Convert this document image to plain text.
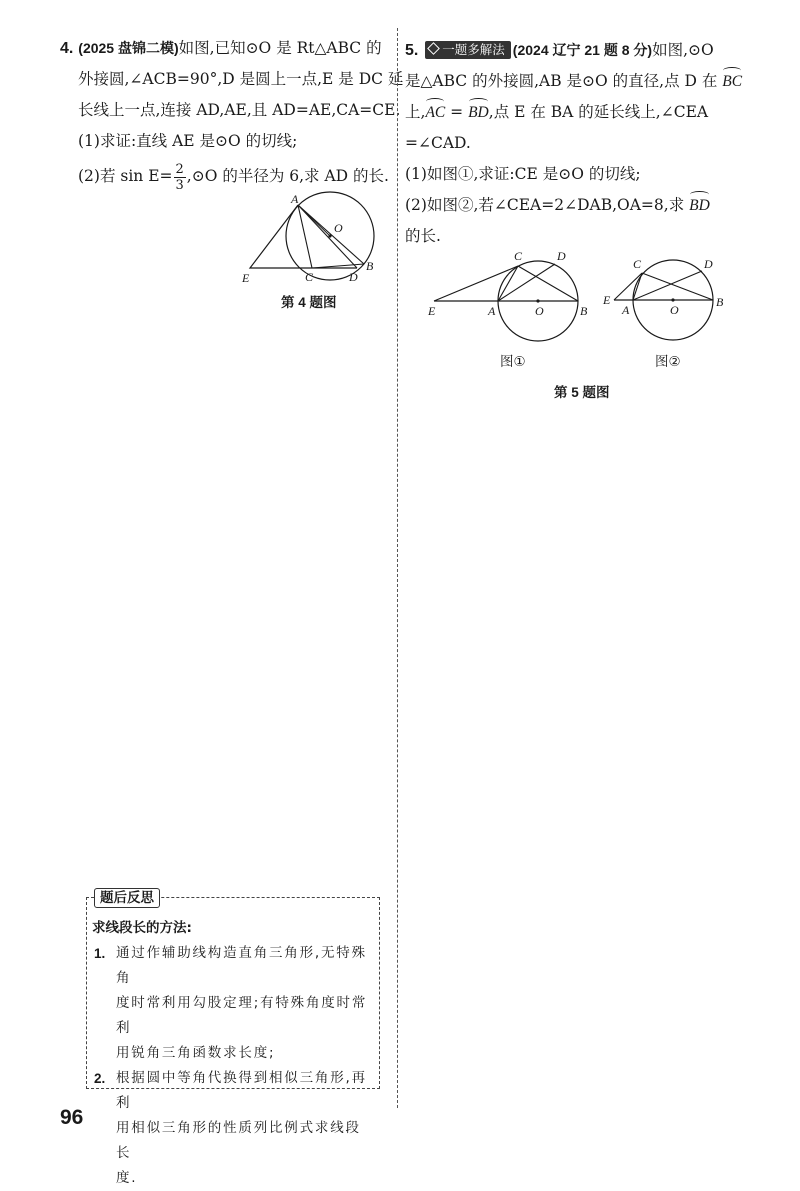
4. (2025 盘锦二模)如图,已知⊙O 是 Rt△ABC 的
外接圆,∠ACB=90°,D 是圆上一点,E 是 DC 延
长线上一点,连接 AD,AE,且 AD=AE,CA=CE.
(1)求证:直线 AE 是⊙O 的切线;
(2)若 $\sin E= \frac{2}{3}$ ,⊙O 的半径为 6,求 AD 的长.
A
O
E	C	D
B
第 4 题图
5. 一题多解法 (2024 辽宁 21 题 8 分)如图,⊙O
是△ABC 的外接圆,AB 是⊙O 的直径,点 D 在 BC
上,AC = BD,点 E 在 BA 的延长线上,∠CEA
=∠CAD.
(1)如图①,求证:CE 是⊙O 的切线;
(2)如图②,若∠CEA=2∠DAB,OA=8,求 BD
的长.
C	D
E	A	O	B
图①
C	D
E
A	O
B
图②
第 5 题图
题后反思
求线段长的方法:
1. 通过作辅助线构造直角三角形,无特殊角
度时常利用勾股定理;有特殊角度时常利
用锐角三角函数求长度;
2. 根据圆中等角代换得到相似三角形,再利
用相似三角形的性质列比例式求线段长
度.
96
